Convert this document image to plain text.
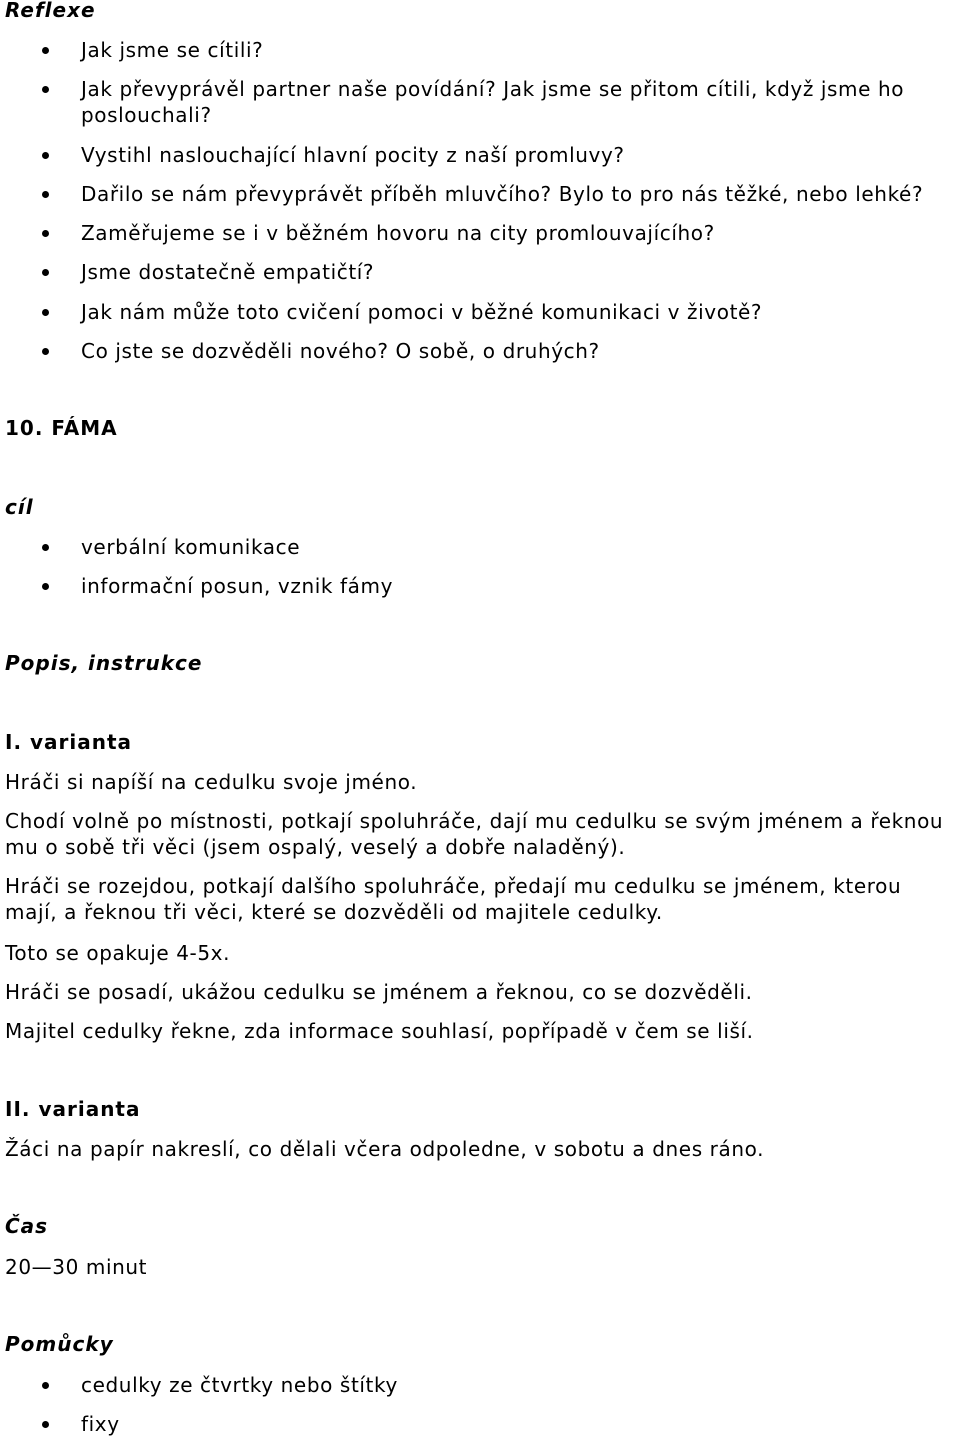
Reflexe
Jak jsme se cítili?
Jak převyprávěl partner naše povídání? Jak jsme se přitom cítili, když jsme ho poslouchali?
Vystihl naslouchající hlavní pocity z naší promluvy?
Dařilo se nám převyprávět příběh mluvčího? Bylo to pro nás těžké, nebo lehké?
Zaměřujeme se i v běžném hovoru na city promlouvajícího?
Jsme dostatečně empatičtí?
Jak nám může toto cvičení pomoci v běžné komunikaci v životě?
Co jste se dozvěděli nového? O sobě, o druhých?
10. FÁMA
cíl
verbální komunikace
informační posun, vznik fámy
Popis, instrukce
I. varianta
Hráči si napíší na cedulku svoje jméno.
Chodí volně po místnosti, potkají spoluhráče, dají mu cedulku se svým jménem a řeknou mu o sobě tři věci (jsem ospalý, veselý a dobře naladěný).
Hráči se rozejdou, potkají dalšího spoluhráče, předají mu cedulku se jménem, kterou mají, a řeknou tři věci, které se dozvěděli od majitele cedulky.
Toto se opakuje 4-5x.
Hráči se posadí, ukážou cedulku se jménem a řeknou, co se dozvěděli.
Majitel cedulky řekne, zda informace souhlasí, popřípadě v čem se liší.
II. varianta
Žáci na papír nakreslí, co dělali včera odpoledne, v sobotu a dnes ráno.
Čas
20—30 minut
Pomůcky
cedulky ze čtvrtky nebo štítky
fixy
